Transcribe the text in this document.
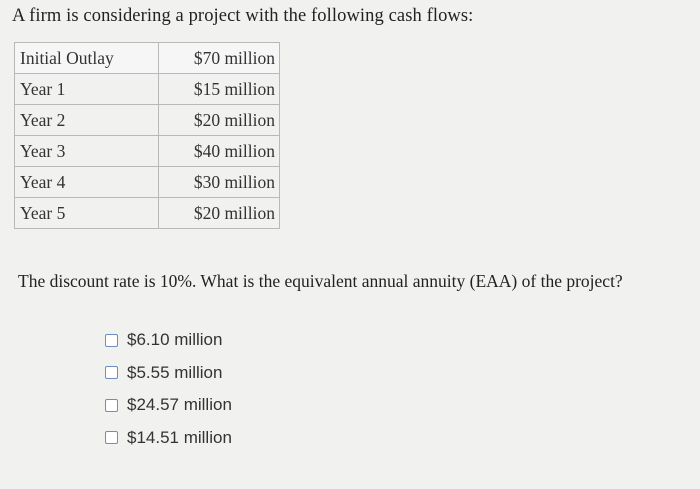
A firm is considering a project with the following cash flows:
Initial Outlay	$70 million
Year 1	$15 million
Year 2	$20 million
Year 3	$40 million
Year 4	$30 million
Year 5	$20 million
The discount rate is 10%. What is the equivalent annual annuity (EAA) of the project?
$6.10 million
$5.55 million
$24.57 million
$14.51 million
